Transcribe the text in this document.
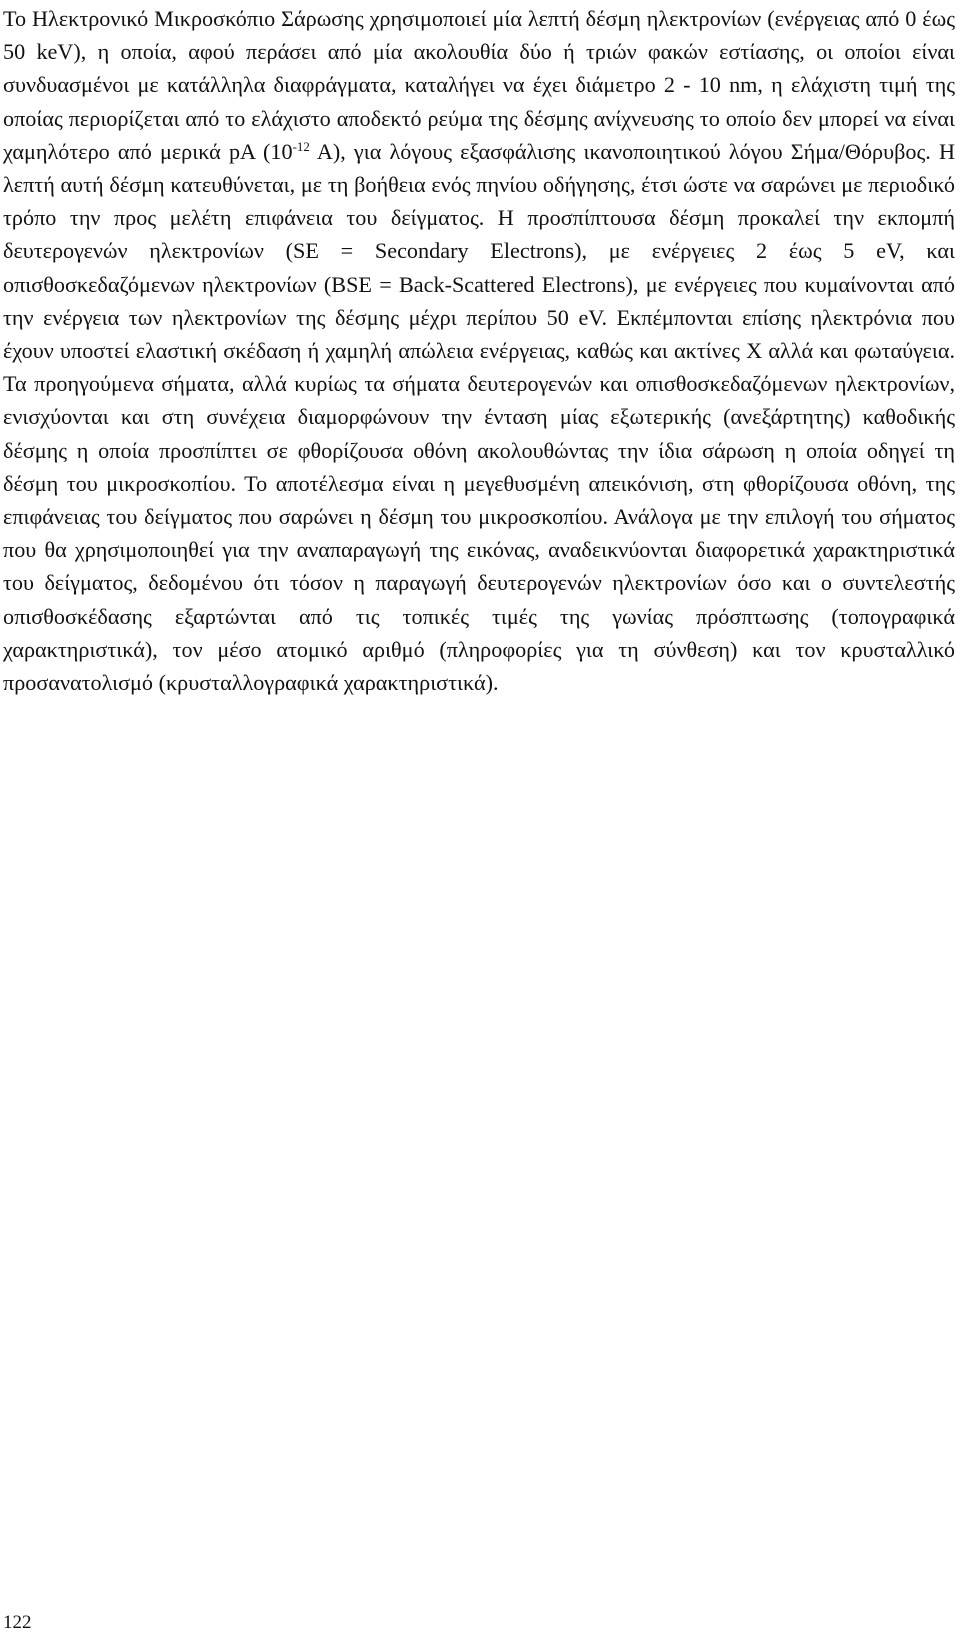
Το Ηλεκτρονικό Μικροσκόπιο Σάρωσης χρησιμοποιεί μία λεπτή δέσμη ηλεκτρονίων (ενέργειας από 0 έως 50 keV), η οποία, αφού περάσει από μία ακολουθία δύο ή τριών φακών εστίασης, οι οποίοι είναι συνδυασμένοι με κατάλληλα διαφράγματα, καταλήγει να έχει διάμετρο 2 - 10 nm, η ελάχιστη τιμή της οποίας περιορίζεται από το ελάχιστο αποδεκτό ρεύμα της δέσμης ανίχνευσης το οποίο δεν μπορεί να είναι χαμηλότερο από μερικά pA ($10^{-12}$ A), για λόγους εξασφάλισης ικανοποιητικού λόγου Σήμα/Θόρυβος. Η λεπτή αυτή δέσμη κατευθύνεται, με τη βοήθεια ενός πηνίου οδήγησης, έτσι ώστε να σαρώνει με περιοδικό τρόπο την προς μελέτη επιφάνεια του δείγματος. Η προσπίπτουσα δέσμη προκαλεί την εκπομπή δευτερογενών ηλεκτρονίων (SE = Secondary Electrons), με ενέργειες 2 έως 5 eV, και οπισθοσκεδαζόμενων ηλεκτρονίων (BSE = Back-Scattered Electrons), με ενέργειες που κυμαίνονται από την ενέργεια των ηλεκτρονίων της δέσμης μέχρι περίπου 50 eV. Εκπέμπονται επίσης ηλεκτρόνια που έχουν υποστεί ελαστική σκέδαση ή χαμηλή απώλεια ενέργειας, καθώς και ακτίνες X αλλά και φωταύγεια. Τα προηγούμενα σήματα, αλλά κυρίως τα σήματα δευτερογενών και οπισθοσκεδαζόμενων ηλεκτρονίων, ενισχύονται και στη συνέχεια διαμορφώνουν την ένταση μίας εξωτερικής (ανεξάρτητης) καθοδικής δέσμης η οποία προσπίπτει σε φθορίζουσα οθόνη ακολουθώντας την ίδια σάρωση η οποία οδηγεί τη δέσμη του μικροσκοπίου. Το αποτέλεσμα είναι η μεγεθυσμένη απεικόνιση, στη φθορίζουσα οθόνη, της επιφάνειας του δείγματος που σαρώνει η δέσμη του μικροσκοπίου. Ανάλογα με την επιλογή του σήματος που θα χρησιμοποιηθεί για την αναπαραγωγή της εικόνας, αναδεικνύονται διαφορετικά χαρακτηριστικά του δείγματος, δεδομένου ότι τόσον η παραγωγή δευτερογενών ηλεκτρονίων όσο και ο συντελεστής οπισθοσκέδασης εξαρτώνται από τις τοπικές τιμές της γωνίας πρόσπτωσης (τοπογραφικά χαρακτηριστικά), τον μέσο ατομικό αριθμό (πληροφορίες για τη σύνθεση) και τον κρυσταλλικό προσανατολισμό (κρυσταλλογραφικά χαρακτηριστικά).

122
